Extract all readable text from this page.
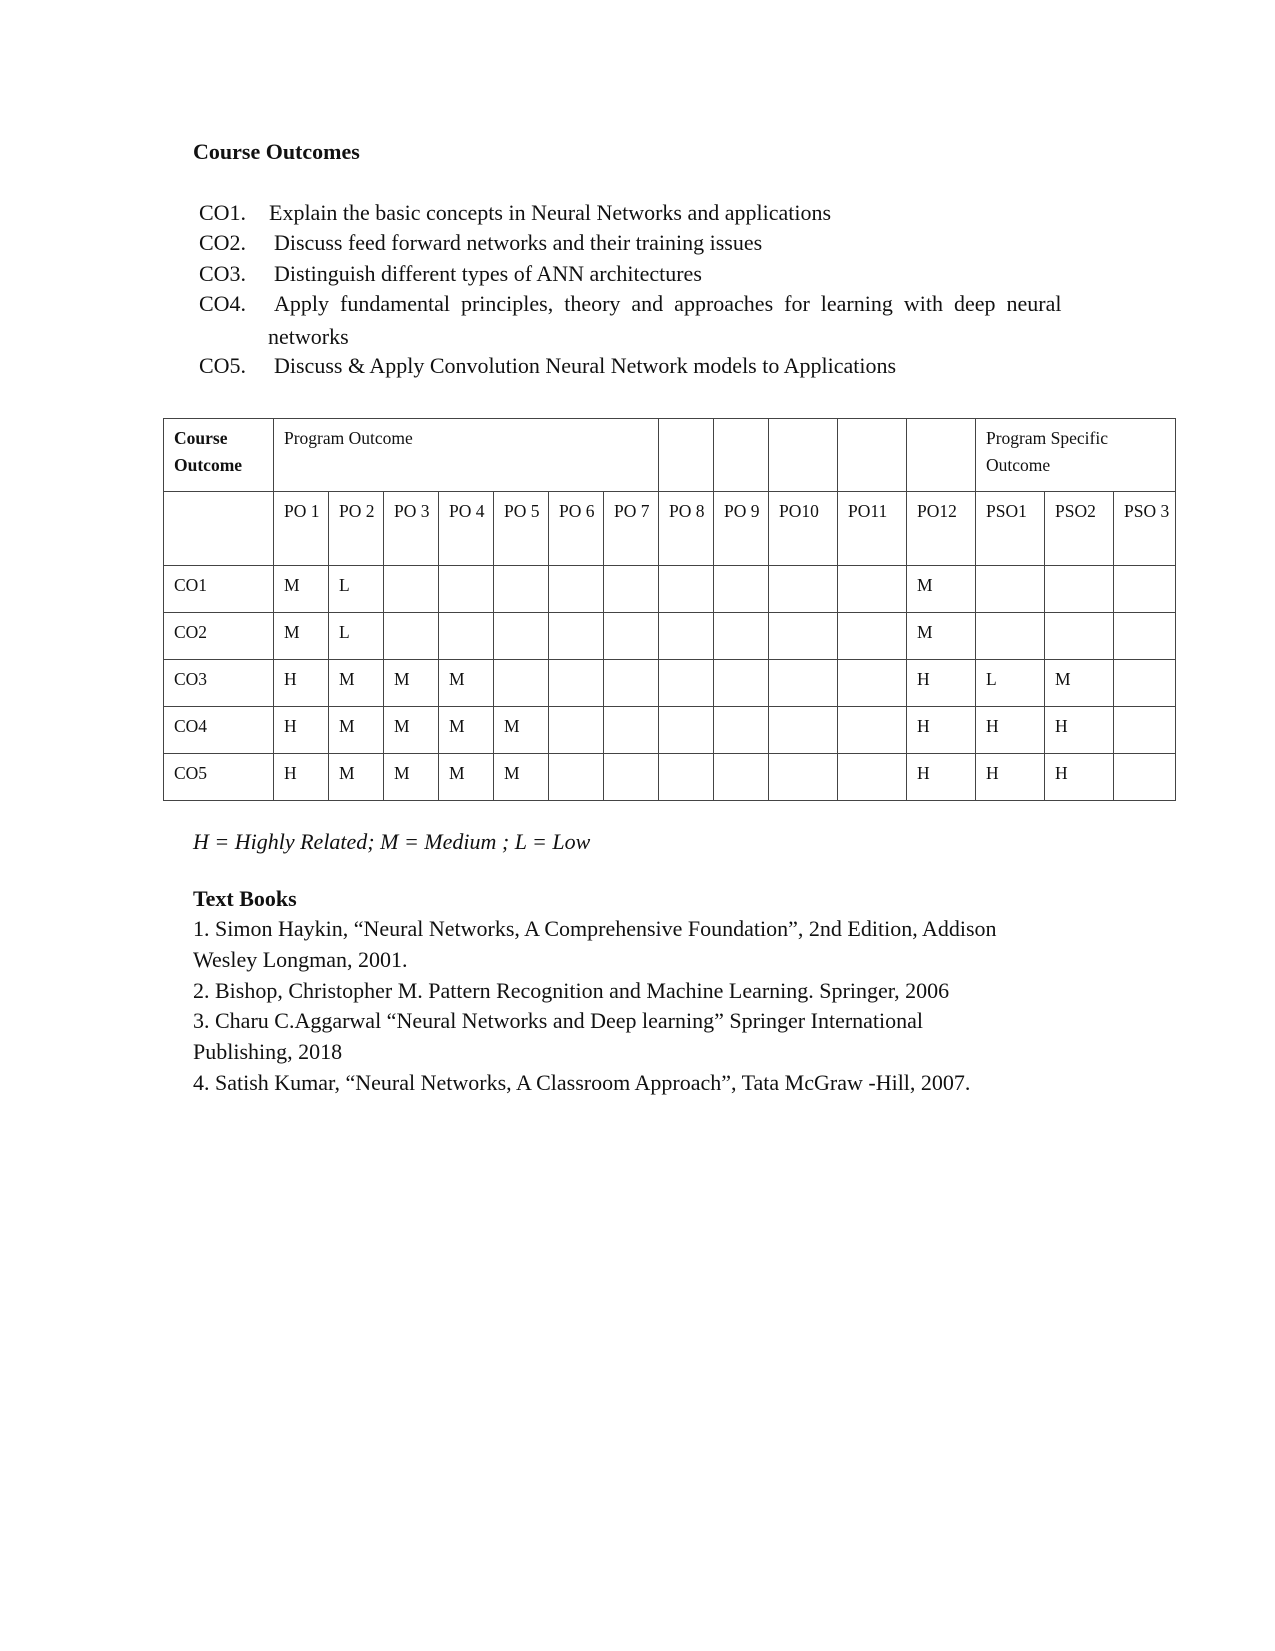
Course Outcomes
CO1. Explain the basic concepts in Neural Networks and applications
CO2. Discuss feed forward networks and their training issues
CO3. Distinguish different types of ANN architectures
CO4. Apply  fundamental  principles,  theory  and  approaches  for  learning  with  deep  neural
networks
CO5. Discuss & Apply Convolution Neural Network models to Applications
Course Outcome	Program Outcome												Program Specific Outcome		
	PO 1	PO 2	PO 3	PO 4	PO 5	PO 6	PO 7	PO 8	PO 9	PO10	PO11	PO12	PSO1	PSO2	PSO 3
CO1	M	L										M			
CO2	M	L										M			
CO3	H	M	M	M								H	L	M	
CO4	H	M	M	M	M							H	H	H	
CO5	H	M	M	M	M							H	H	H	
H = Highly Related; M = Medium ; L = Low
Text Books
1. Simon Haykin, “Neural Networks, A Comprehensive Foundation”, 2nd Edition, Addison
Wesley Longman, 2001.
2. Bishop, Christopher M. Pattern Recognition and Machine Learning. Springer, 2006
3. Charu C.Aggarwal “Neural Networks and Deep learning” Springer International
Publishing, 2018
4. Satish Kumar, “Neural Networks, A Classroom Approach”, Tata McGraw -Hill, 2007.
